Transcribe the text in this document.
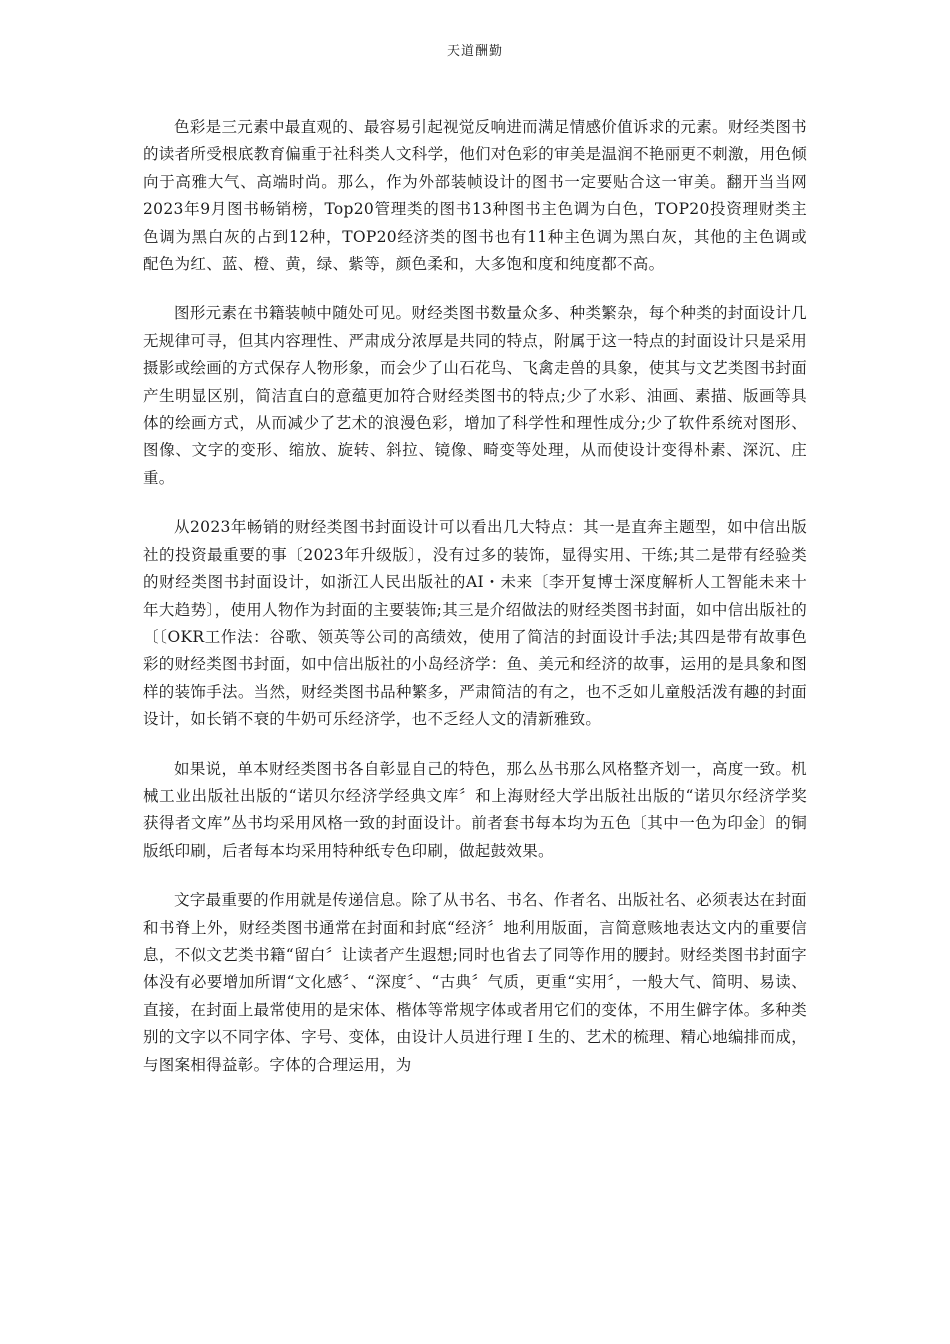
天道酬勤

色彩是三元素中最直观的、最容易引起视觉反响进而满足情感价值诉求的元素。财经类图书的读者所受根底教育偏重于社科类人文科学，他们对色彩的审美是温润不艳丽更不刺激，用色倾向于高雅大气、高端时尚。那么，作为外部装帧设计的图书一定要贴合这一审美。翻开当当网2023年9月图书畅销榜，Top20管理类的图书13种图书主色调为白色，TOP20投资理财类主色调为黑白灰的占到12种，TOP20经济类的图书也有11种主色调为黑白灰，其他的主色调或配色为红、蓝、橙、黄，绿、紫等，颜色柔和，大多饱和度和纯度都不高。

图形元素在书籍装帧中随处可见。财经类图书数量众多、种类繁杂，每个种类的封面设计几无规律可寻，但其内容理性、严肃成分浓厚是共同的特点，附属于这一特点的封面设计只是采用摄影或绘画的方式保存人物形象，而会少了山石花鸟、飞禽走兽的具象，使其与文艺类图书封面产生明显区别，简洁直白的意蕴更加符合财经类图书的特点;少了水彩、油画、素描、版画等具体的绘画方式，从而减少了艺术的浪漫色彩，增加了科学性和理性成分;少了软件系统对图形、图像、文字的变形、缩放、旋转、斜拉、镜像、畸变等处理，从而使设计变得朴素、深沉、庄重。

从2023年畅销的财经类图书封面设计可以看出几大特点：其一是直奔主题型，如中信出版社的投资最重要的事〔2023年升级版〕，没有过多的装饰，显得实用、干练;其二是带有经验类的财经类图书封面设计，如浙江人民出版社的AI・未来〔李开复博士深度解析人工智能未来十年大趋势〕，使用人物作为封面的主要装饰;其三是介绍做法的财经类图书封面，如中信出版社的〔〔OKR工作法：谷歌、领英等公司的高绩效，使用了简洁的封面设计手法;其四是带有故事色彩的财经类图书封面，如中信出版社的小岛经济学：鱼、美元和经济的故事，运用的是具象和图样的装饰手法。当然，财经类图书品种繁多，严肃简洁的有之，也不乏如儿童般活泼有趣的封面设计，如长销不衰的牛奶可乐经济学，也不乏经人文的清新雅致。

如果说，单本财经类图书各自彰显自己的特色，那么丛书那么风格整齐划一，高度一致。机械工业出版社出版的“诺贝尔经济学经典文库〞和上海财经大学出版社出版的“诺贝尔经济学奖获得者文库”丛书均采用风格一致的封面设计。前者套书每本均为五色〔其中一色为印金〕的铜版纸印刷，后者每本均采用特种纸专色印刷，做起鼓效果。

文字最重要的作用就是传递信息。除了从书名、书名、作者名、出版社名、必须表达在封面和书脊上外，财经类图书通常在封面和封底“经济〞地利用版面，言简意赅地表达文内的重要信息，不似文艺类书籍“留白〞让读者产生遐想;同时也省去了同等作用的腰封。财经类图书封面字体没有必要增加所谓“文化感〞、“深度〞、“古典〞气质，更重“实用〞，一般大气、简明、易读、直接，在封面上最常使用的是宋体、楷体等常规字体或者用它们的变体，不用生僻字体。多种类别的文字以不同字体、字号、变体，由设计人员进行理Ｉ生的、艺术的梳理、精心地编排而成，与图案相得益彰。字体的合理运用，为
